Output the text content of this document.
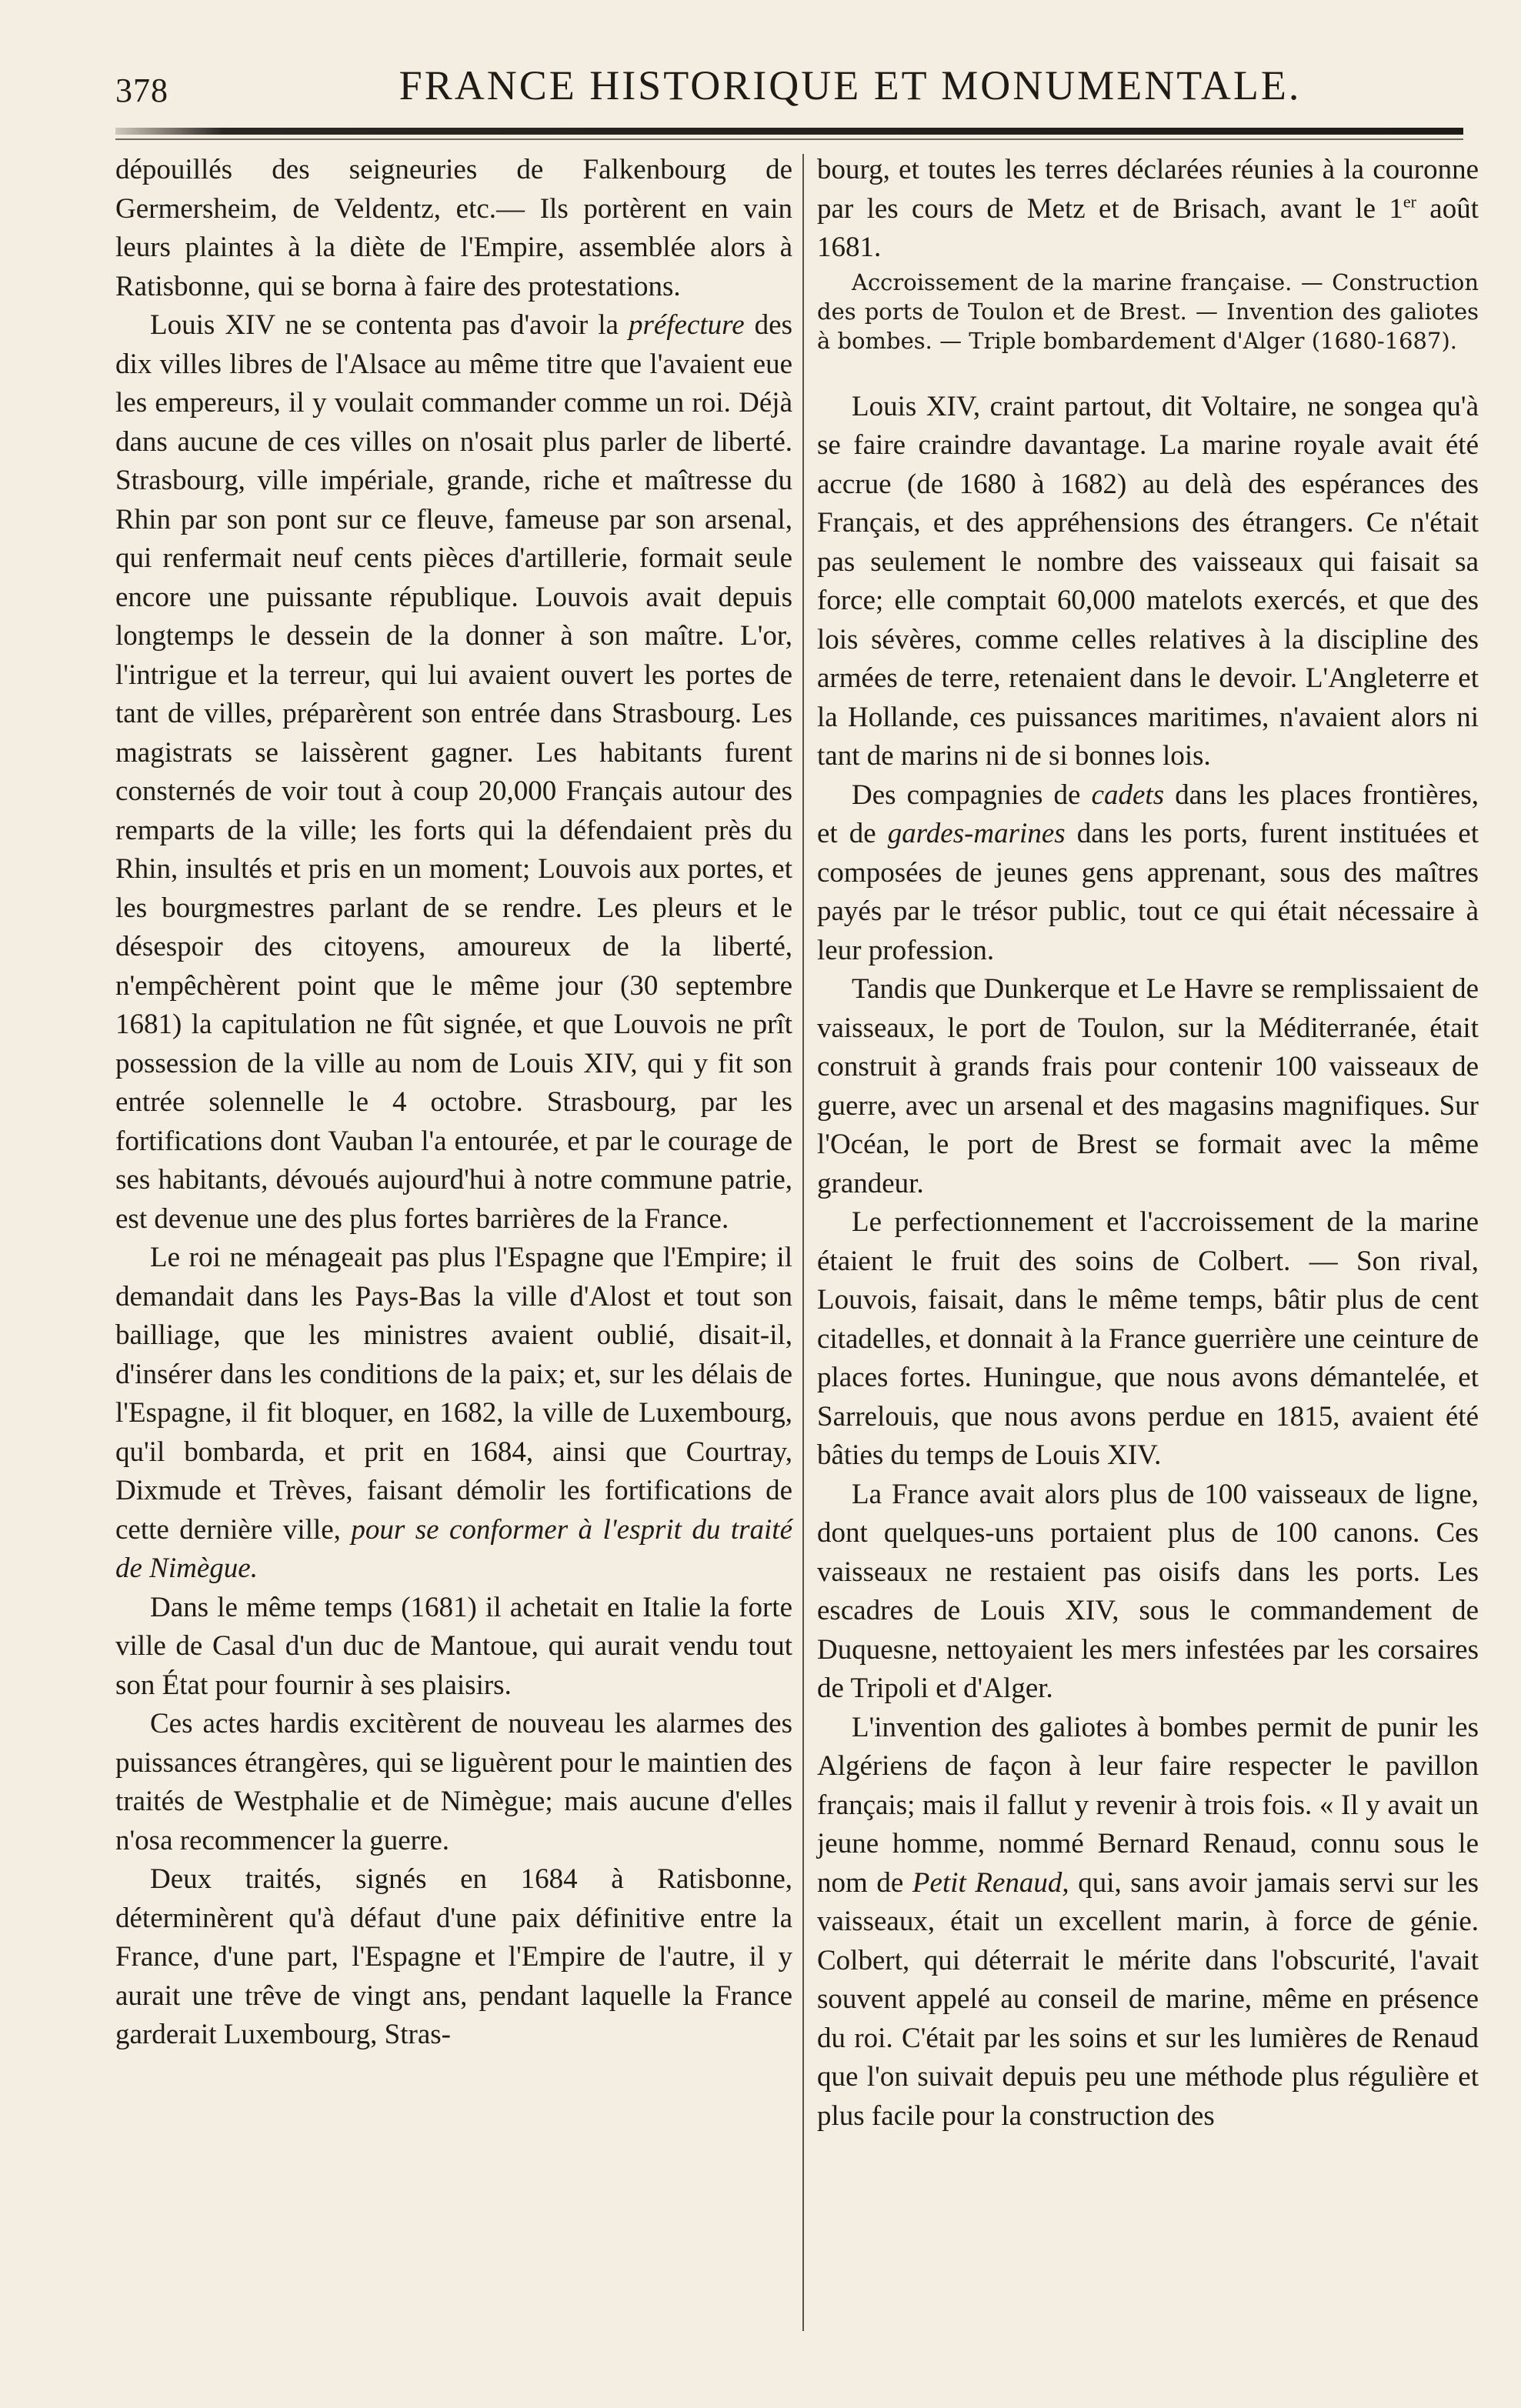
378	FRANCE HISTORIQUE ET MONUMENTALE.

dépouillés des seigneuries de Falkenbourg de Germersheim, de Veldentz, etc.— Ils portèrent en vain leurs plaintes à la diète de l'Empire, assemblée alors à Ratisbonne, qui se borna à faire des protestations.

Louis XIV ne se contenta pas d'avoir la préfecture des dix villes libres de l'Alsace au même titre que l'avaient eue les empereurs, il y voulait commander comme un roi. Déjà dans aucune de ces villes on n'osait plus parler de liberté. Strasbourg, ville impériale, grande, riche et maîtresse du Rhin par son pont sur ce fleuve, fameuse par son arsenal, qui renfermait neuf cents pièces d'artillerie, formait seule encore une puissante république. Louvois avait depuis longtemps le dessein de la donner à son maître. L'or, l'intrigue et la terreur, qui lui avaient ouvert les portes de tant de villes, préparèrent son entrée dans Strasbourg. Les magistrats se laissèrent gagner. Les habitants furent consternés de voir tout à coup 20,000 Français autour des remparts de la ville; les forts qui la défendaient près du Rhin, insultés et pris en un moment; Louvois aux portes, et les bourgmestres parlant de se rendre. Les pleurs et le désespoir des citoyens, amoureux de la liberté, n'empêchèrent point que le même jour (30 septembre 1681) la capitulation ne fût signée, et que Louvois ne prît possession de la ville au nom de Louis XIV, qui y fit son entrée solennelle le 4 octobre. Strasbourg, par les fortifications dont Vauban l'a entourée, et par le courage de ses habitants, dévoués aujourd'hui à notre commune patrie, est devenue une des plus fortes barrières de la France.

Le roi ne ménageait pas plus l'Espagne que l'Empire; il demandait dans les Pays-Bas la ville d'Alost et tout son bailliage, que les ministres avaient oublié, disait-il, d'insérer dans les conditions de la paix; et, sur les délais de l'Espagne, il fit bloquer, en 1682, la ville de Luxembourg, qu'il bombarda, et prit en 1684, ainsi que Courtray, Dixmude et Trèves, faisant démolir les fortifications de cette dernière ville, pour se conformer à l'esprit du traité de Nimègue.

Dans le même temps (1681) il achetait en Italie la forte ville de Casal d'un duc de Mantoue, qui aurait vendu tout son État pour fournir à ses plaisirs.

Ces actes hardis excitèrent de nouveau les alarmes des puissances étrangères, qui se liguèrent pour le maintien des traités de Westphalie et de Nimègue; mais aucune d'elles n'osa recommencer la guerre.

Deux traités, signés en 1684 à Ratisbonne, déterminèrent qu'à défaut d'une paix définitive entre la France, d'une part, l'Espagne et l'Empire de l'autre, il y aurait une trêve de vingt ans, pendant laquelle la France garderait Luxembourg, Stras-

bourg, et toutes les terres déclarées réunies à la couronne par les cours de Metz et de Brisach, avant le 1er août 1681.

Accroissement de la marine française. — Construction des ports de Toulon et de Brest. — Invention des galiotes à bombes. — Triple bombardement d'Alger (1680-1687).

Louis XIV, craint partout, dit Voltaire, ne songea qu'à se faire craindre davantage. La marine royale avait été accrue (de 1680 à 1682) au delà des espérances des Français, et des appréhensions des étrangers. Ce n'était pas seulement le nombre des vaisseaux qui faisait sa force; elle comptait 60,000 matelots exercés, et que des lois sévères, comme celles relatives à la discipline des armées de terre, retenaient dans le devoir. L'Angleterre et la Hollande, ces puissances maritimes, n'avaient alors ni tant de marins ni de si bonnes lois.

Des compagnies de cadets dans les places frontières, et de gardes-marines dans les ports, furent instituées et composées de jeunes gens apprenant, sous des maîtres payés par le trésor public, tout ce qui était nécessaire à leur profession.

Tandis que Dunkerque et Le Havre se remplissaient de vaisseaux, le port de Toulon, sur la Méditerranée, était construit à grands frais pour contenir 100 vaisseaux de guerre, avec un arsenal et des magasins magnifiques. Sur l'Océan, le port de Brest se formait avec la même grandeur.

Le perfectionnement et l'accroissement de la marine étaient le fruit des soins de Colbert. — Son rival, Louvois, faisait, dans le même temps, bâtir plus de cent citadelles, et donnait à la France guerrière une ceinture de places fortes. Huningue, que nous avons démantelée, et Sarrelouis, que nous avons perdue en 1815, avaient été bâties du temps de Louis XIV.

La France avait alors plus de 100 vaisseaux de ligne, dont quelques-uns portaient plus de 100 canons. Ces vaisseaux ne restaient pas oisifs dans les ports. Les escadres de Louis XIV, sous le commandement de Duquesne, nettoyaient les mers infestées par les corsaires de Tripoli et d'Alger.

L'invention des galiotes à bombes permit de punir les Algériens de façon à leur faire respecter le pavillon français; mais il fallut y revenir à trois fois. « Il y avait un jeune homme, nommé Bernard Renaud, connu sous le nom de Petit Renaud, qui, sans avoir jamais servi sur les vaisseaux, était un excellent marin, à force de génie. Colbert, qui déterrait le mérite dans l'obscurité, l'avait souvent appelé au conseil de marine, même en présence du roi. C'était par les soins et sur les lumières de Renaud que l'on suivait depuis peu une méthode plus régulière et plus facile pour la construction des
